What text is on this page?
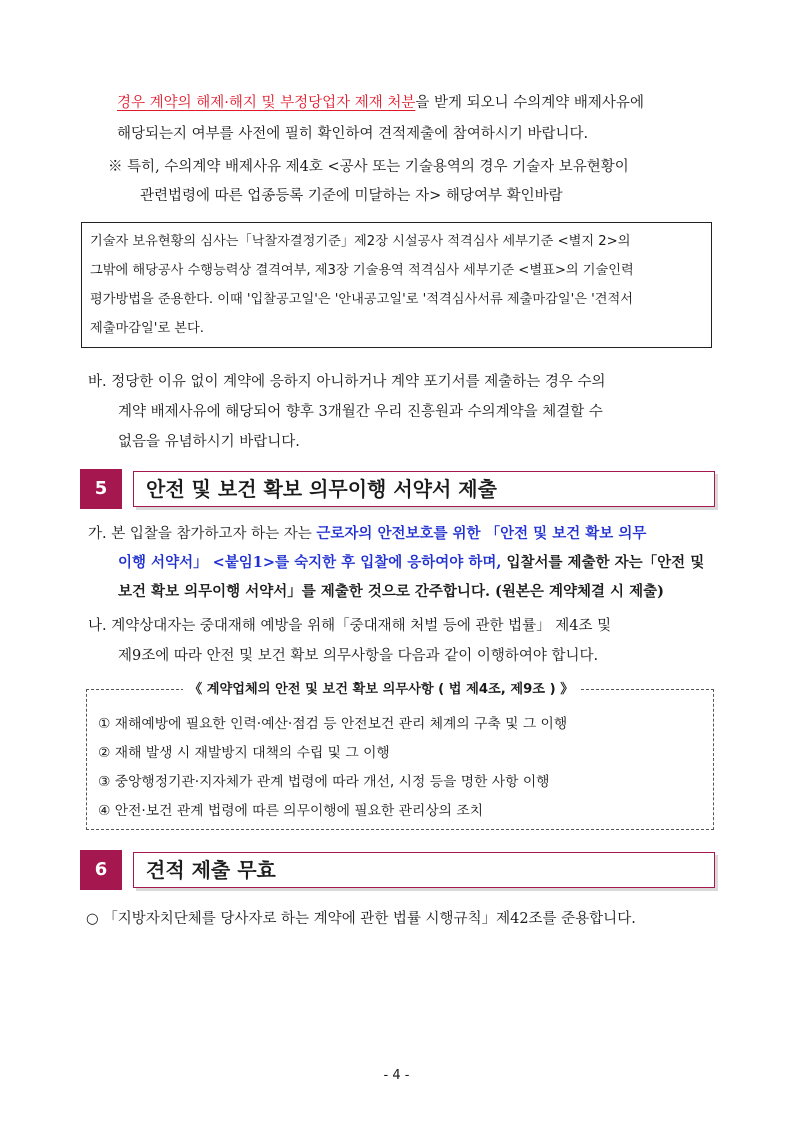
경우 계약의 해제·해지 및 부정당업자 제재 처분을 받게 되오니 수의계약 배제사유에
해당되는지 여부를 사전에 필히 확인하여 견적제출에 참여하시기 바랍니다.
※ 특히, 수의계약 배제사유 제4호 <공사 또는 기술용역의 경우 기술자 보유현황이
관련법령에 따른 업종등록 기준에 미달하는 자> 해당여부 확인바람
기술자 보유현황의 심사는「낙찰자결정기준」제2장 시설공사 적격심사 세부기준 <별지 2>의
그밖에 해당공사 수행능력상 결격여부, 제3장 기술용역 적격심사 세부기준 <별표>의 기술인력
평가방법을 준용한다. 이때 '입찰공고일'은 '안내공고일'로 '적격심사서류 제출마감일'은 '견적서
제출마감일'로 본다.
바. 정당한 이유 없이 계약에 응하지 아니하거나 계약 포기서를 제출하는 경우 수의
계약 배제사유에 해당되어 향후 3개월간 우리 진흥원과 수의계약을 체결할 수
없음을 유념하시기 바랍니다.
5	안전 및 보건 확보 의무이행 서약서 제출
가. 본 입찰을 참가하고자 하는 자는 근로자의 안전보호를 위한 「안전 및 보건 확보 의무
이행 서약서」 <붙임1>를 숙지한 후 입찰에 응하여야 하며, 입찰서를 제출한 자는「안전 및
보건 확보 의무이행 서약서」를 제출한 것으로 간주합니다. (원본은 계약체결 시 제출)
나. 계약상대자는 중대재해 예방을 위해「중대재해 처벌 등에 관한 법률」 제4조 및
제9조에 따라 안전 및 보건 확보 의무사항을 다음과 같이 이행하여야 합니다.
《 계약업체의 안전 및 보건 확보 의무사항 ( 법 제4조, 제9조 ) 》
① 재해예방에 필요한 인력·예산·점검 등 안전보건 관리 체계의 구축 및 그 이행
② 재해 발생 시 재발방지 대책의 수립 및 그 이행
③ 중앙행정기관·지자체가 관계 법령에 따라 개선, 시정 등을 명한 사항 이행
④ 안전·보건 관계 법령에 따른 의무이행에 필요한 관리상의 조치
6	견적 제출 무효
○ 「지방자치단체를 당사자로 하는 계약에 관한 법률 시행규칙」제42조를 준용합니다.
- 4 -
